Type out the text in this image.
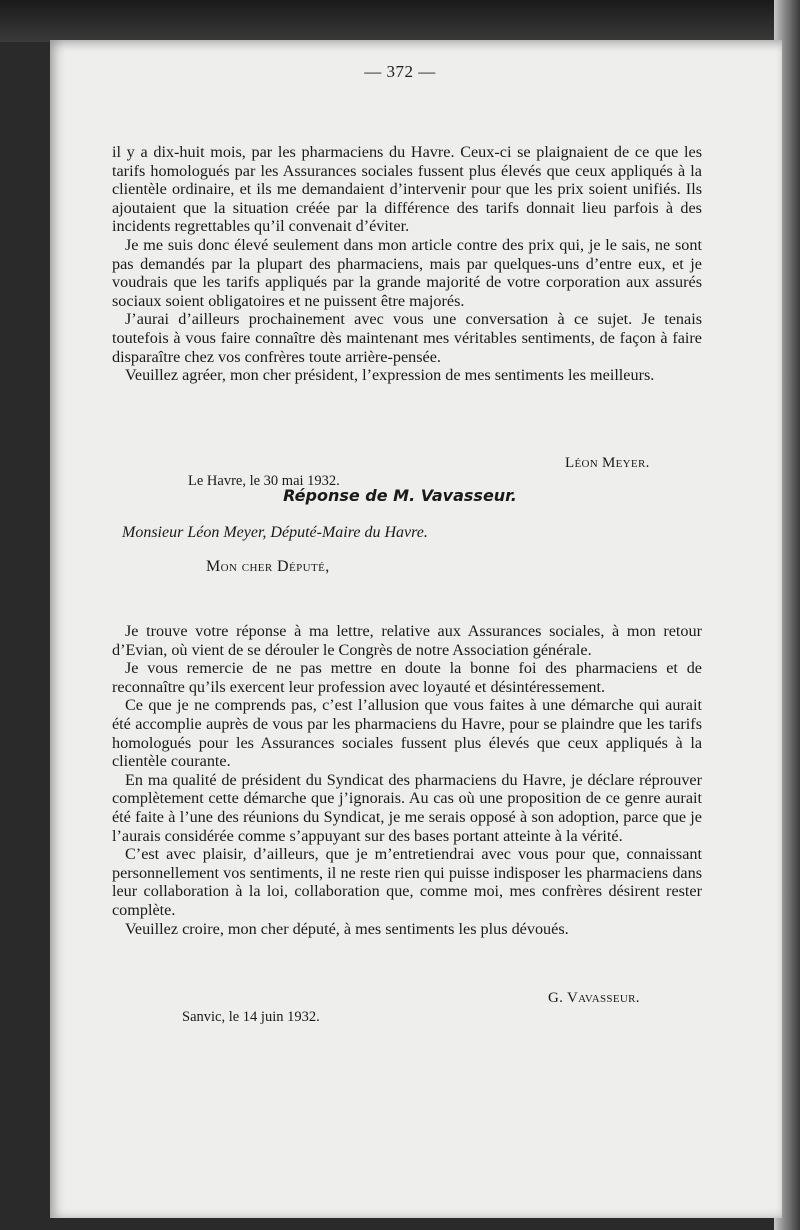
— 372 —

il y a dix-huit mois, par les pharmaciens du Havre. Ceux-ci se plaignaient de ce que les tarifs homologués par les Assurances sociales fussent plus élevés que ceux appliqués à la clientèle ordinaire, et ils me demandaient d’intervenir pour que les prix soient unifiés. Ils ajoutaient que la situation créée par la différence des tarifs donnait lieu parfois à des incidents regrettables qu’il convenait d’éviter.

Je me suis donc élevé seulement dans mon article contre des prix qui, je le sais, ne sont pas demandés par la plupart des pharmaciens, mais par quelques-uns d’entre eux, et je voudrais que les tarifs appliqués par la grande majorité de votre corporation aux assurés sociaux soient obligatoires et ne puissent être majorés.

J’aurai d’ailleurs prochainement avec vous une conversation à ce sujet. Je tenais toutefois à vous faire connaître dès maintenant mes véritables sentiments, de façon à faire disparaître chez vos confrères toute arrière-pensée.

Veuillez agréer, mon cher président, l’expression de mes sentiments les meilleurs.

Léon Meyer.
Le Havre, le 30 mai 1932.
Réponse de M. Vavasseur.
Monsieur Léon Meyer, Député-Maire du Havre.
Mon cher Député,

Je trouve votre réponse à ma lettre, relative aux Assurances sociales, à mon retour d’Evian, où vient de se dérouler le Congrès de notre Association générale.

Je vous remercie de ne pas mettre en doute la bonne foi des pharmaciens et de reconnaître qu’ils exercent leur profession avec loyauté et désintéressement.

Ce que je ne comprends pas, c’est l’allusion que vous faites à une démarche qui aurait été accomplie auprès de vous par les pharmaciens du Havre, pour se plaindre que les tarifs homologués pour les Assurances sociales fussent plus élevés que ceux appliqués à la clientèle courante.

En ma qualité de président du Syndicat des pharmaciens du Havre, je déclare réprouver complètement cette démarche que j’ignorais. Au cas où une proposition de ce genre aurait été faite à l’une des réunions du Syndicat, je me serais opposé à son adoption, parce que je l’aurais considérée comme s’appuyant sur des bases portant atteinte à la vérité.

C’est avec plaisir, d’ailleurs, que je m’entretiendrai avec vous pour que, connaissant personnellement vos sentiments, il ne reste rien qui puisse indisposer les pharmaciens dans leur collaboration à la loi, collaboration que, comme moi, mes confrères désirent rester complète.

Veuillez croire, mon cher député, à mes sentiments les plus dévoués.

G. Vavasseur.
Sanvic, le 14 juin 1932.
